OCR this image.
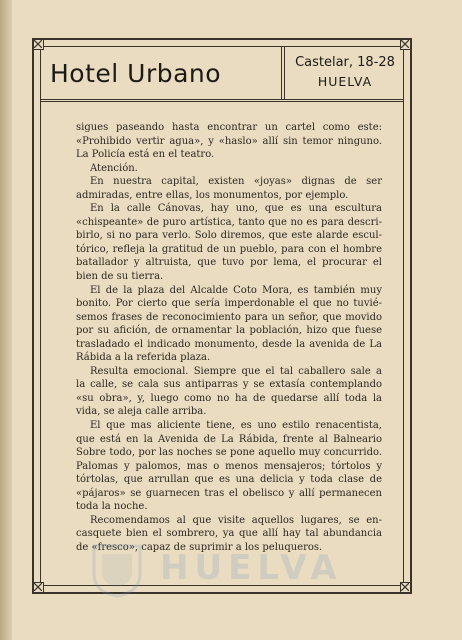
Hotel Urbano	Castelar, 18-28
HUELVA
sigues paseando hasta encontrar un cartel como este:
«Prohibido vertir agua», y «haslo» allí sin temor ninguno.
La Policía está en el teatro.
Atención.
En nuestra capital, existen «joyas» dignas de ser
admiradas, entre ellas, los monumentos, por ejemplo.
En la calle Cánovas, hay uno, que es una escultura
«chispeante» de puro artística, tanto que no es para descri-
birlo, si no para verlo. Solo diremos, que este alarde escul-
tórico, refleja la gratitud de un pueblo, para con el hombre
batallador y altruista, que tuvo por lema, el procurar el
bien de su tierra.
El de la plaza del Alcalde Coto Mora, es también muy
bonito. Por cierto que sería imperdonable el que no tuvié-
semos frases de reconocimiento para un señor, que movido
por su afición, de ornamentar la población, hizo que fuese
trasladado el indicado monumento, desde la avenida de La
Rábida a la referida plaza.
Resulta emocional. Siempre que el tal caballero sale a
la calle, se cala sus antiparras y se extasía contemplando
«su obra», y, luego como no ha de quedarse allí toda la
vida, se aleja calle arriba.
El que mas aliciente tiene, es uno estilo renacentista,
que está en la Avenida de La Rábida, frente al Balneario
Sobre todo, por las noches se pone aquello muy concurrido.
Palomas y palomos, mas o menos mensajeros; tórtolos y
tórtolas, que arrullan que es una delicia y toda clase de
«pájaros» se guarnecen tras el obelisco y allí permanecen
toda la noche.
Recomendamos al que visite aquellos lugares, se en-
casquete bien el sombrero, ya que allí hay tal abundancia
de «fresco», capaz de suprimir a los peluqueros.
HUELVA
